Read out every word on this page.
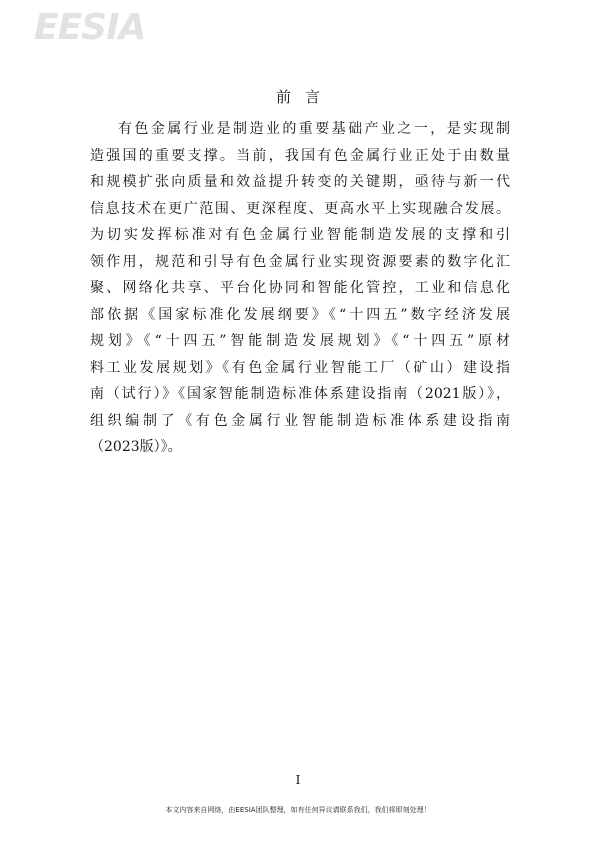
EESIA
前言
有色金属行业是制造业的重要基础产业之一，是实现制
造强国的重要支撑。当前，我国有色金属行业正处于由数量
和规模扩张向质量和效益提升转变的关键期，亟待与新一代
信息技术在更广范围、更深程度、更高水平上实现融合发展。
为切实发挥标准对有色金属行业智能制造发展的支撑和引
领作用，规范和引导有色金属行业实现资源要素的数字化汇
聚、网络化共享、平台化协同和智能化管控，工业和信息化
部依据《国家标准化发展纲要》《“十四五”数字经济发展
规划》《“十四五”智能制造发展规划》《“十四五”原材
料工业发展规划》《有色金属行业智能工厂（矿山）建设指
南（试行）》《国家智能制造标准体系建设指南（2021版）》，
组织编制了《有色金属行业智能制造标准体系建设指南
（2023版）》。
I
本文内容来自网络，由EESIA团队整理，如有任何异议请联系我们，我们将即刻处理！
